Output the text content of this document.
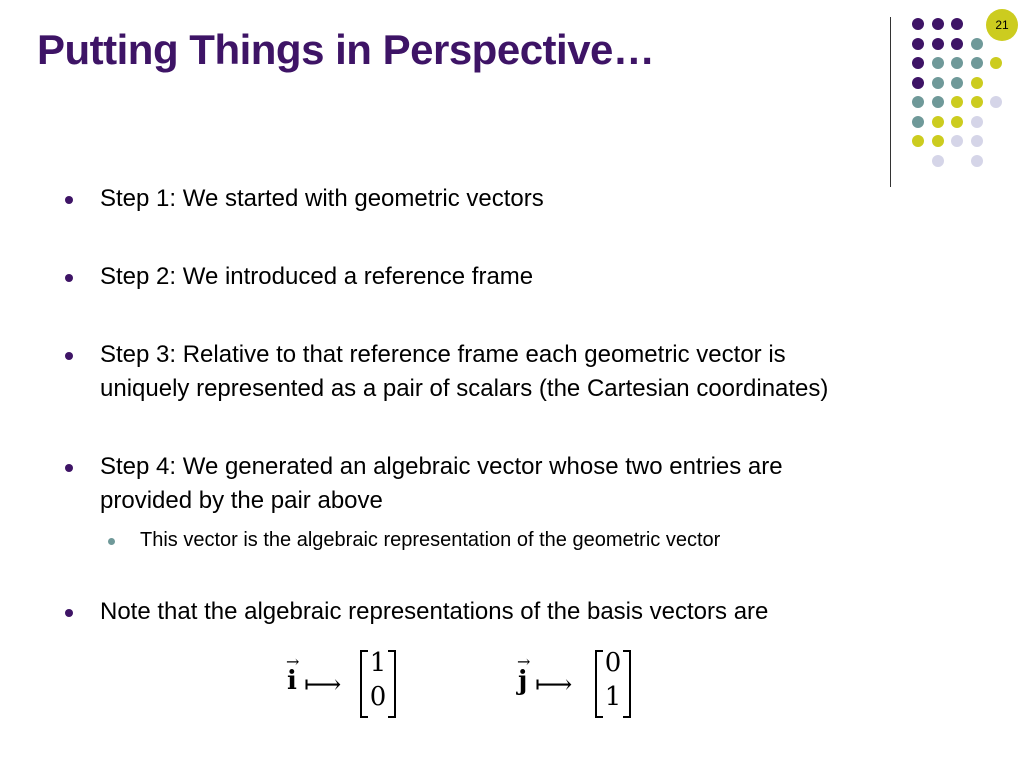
Putting Things in Perspective…
21
Step 1: We started with geometric vectors
Step 2: We introduced a reference frame
Step 3: Relative to that reference frame each geometric vector is
uniquely represented as a pair of scalars (the Cartesian coordinates)
Step 4: We generated an algebraic vector whose two entries are
provided by the pair above
This vector is the algebraic representation of the geometric vector
Note that the algebraic representations of the basis vectors are
→
i ⟼
1
0
→
j ⟼
0
1
